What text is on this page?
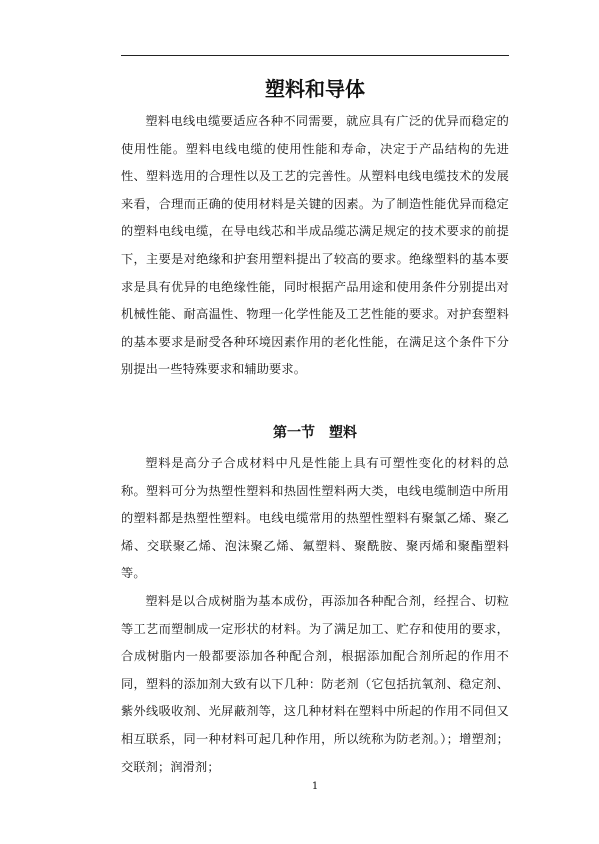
塑料和导体

塑料电线电缆要适应各种不同需要，就应具有广泛的优异而稳定的使用性能。塑料电线电缆的使用性能和寿命，决定于产品结构的先进性、塑料选用的合理性以及工艺的完善性。从塑料电线电缆技术的发展来看，合理而正确的使用材料是关键的因素。为了制造性能优异而稳定的塑料电线电缆，在导电线芯和半成品缆芯满足规定的技术要求的前提下，主要是对绝缘和护套用塑料提出了较高的要求。绝缘塑料的基本要求是具有优异的电绝缘性能，同时根据产品用途和使用条件分别提出对机械性能、耐高温性、物理一化学性能及工艺性能的要求。对护套塑料的基本要求是耐受各种环境因素作用的老化性能，在满足这个条件下分别提出一些特殊要求和辅助要求。

第一节　塑料

塑料是高分子合成材料中凡是性能上具有可塑性变化的材料的总称。塑料可分为热塑性塑料和热固性塑料两大类，电线电缆制造中所用的塑料都是热塑性塑料。电线电缆常用的热塑性塑料有聚氯乙烯、聚乙烯、交联聚乙烯、泡沫聚乙烯、氟塑料、聚酰胺、聚丙烯和聚酯塑料等。

塑料是以合成树脂为基本成份，再添加各种配合剂，经捏合、切粒等工艺而塑制成一定形状的材料。为了满足加工、贮存和使用的要求，合成树脂内一般都要添加各种配合剂，根据添加配合剂所起的作用不同，塑料的添加剂大致有以下几种：防老剂（它包括抗氧剂、稳定剂、紫外线吸收剂、光屏蔽剂等，这几种材料在塑料中所起的作用不同但又相互联系，同一种材料可起几种作用，所以统称为防老剂。）；增塑剂；交联剂；润滑剂；

1
